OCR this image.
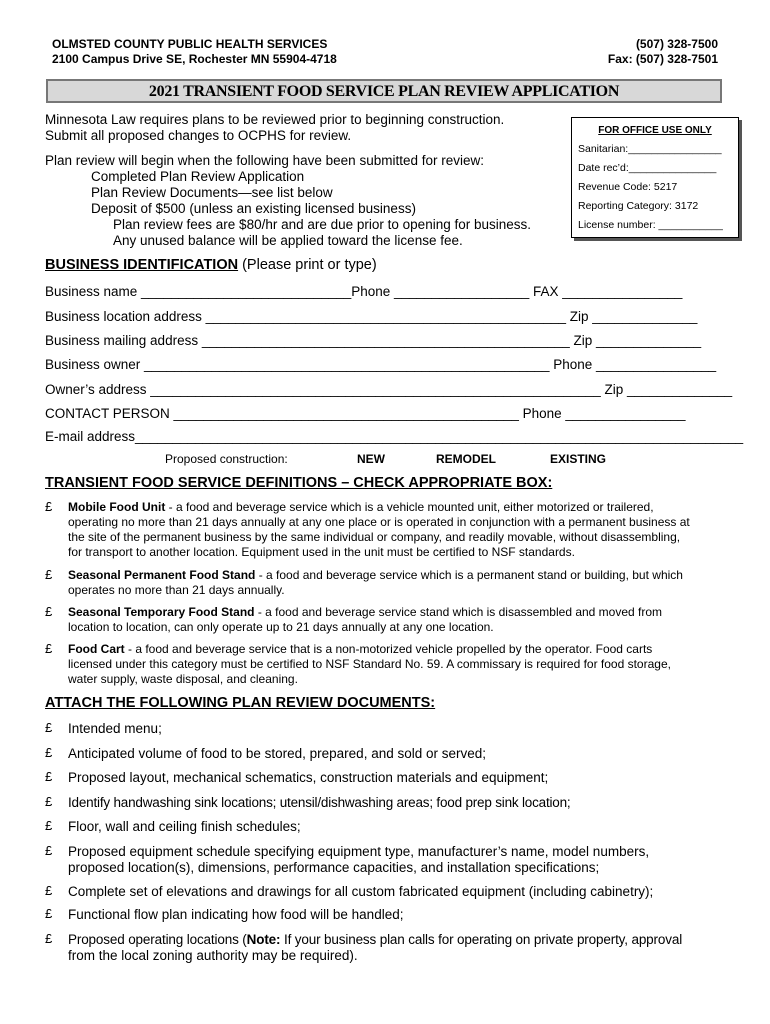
OLMSTED COUNTY PUBLIC HEALTH SERVICES
2100 Campus Drive SE, Rochester MN 55904-4718
(507) 328-7500
Fax: (507) 328-7501
2021 TRANSIENT FOOD SERVICE PLAN REVIEW APPLICATION
Minnesota Law requires plans to be reviewed prior to beginning construction.
Submit all proposed changes to OCPHS for review.
Plan review will begin when the following have been submitted for review:
Completed Plan Review Application
Plan Review Documents—see list below
Deposit of $500 (unless an existing licensed business)
Plan review fees are $80/hr and are due prior to opening for business.
Any unused balance will be applied toward the license fee.
FOR OFFICE USE ONLY
Sanitarian:________________
Date rec’d:_______________
Revenue Code: 5217
Reporting Category: 3172
License number: ___________
BUSINESS IDENTIFICATION (Please print or type)
Business name ____________________________Phone __________________ FAX ________________
Business location address ________________________________________________ Zip ______________
Business mailing address _________________________________________________ Zip ______________
Business owner ______________________________________________________ Phone ________________
Owner’s address ____________________________________________________________ Zip ______________
CONTACT PERSON ______________________________________________ Phone ________________
E-mail address_________________________________________________________________________________
Proposed construction:	NEW	REMODEL	EXISTING
TRANSIENT FOOD SERVICE DEFINITIONS – CHECK APPROPRIATE BOX:
£ Mobile Food Unit - a food and beverage service which is a vehicle mounted unit, either motorized or trailered,
operating no more than 21 days annually at any one place or is operated in conjunction with a permanent business at
the site of the permanent business by the same individual or company, and readily movable, without disassembling,
for transport to another location. Equipment used in the unit must be certified to NSF standards.
£ Seasonal Permanent Food Stand - a food and beverage service which is a permanent stand or building, but which
operates no more than 21 days annually.
£ Seasonal Temporary Food Stand - a food and beverage service stand which is disassembled and moved from
location to location, can only operate up to 21 days annually at any one location.
£ Food Cart - a food and beverage service that is a non-motorized vehicle propelled by the operator. Food carts
licensed under this category must be certified to NSF Standard No. 59. A commissary is required for food storage,
water supply, waste disposal, and cleaning.
ATTACH THE FOLLOWING PLAN REVIEW DOCUMENTS:
£ Intended menu;
£ Anticipated volume of food to be stored, prepared, and sold or served;
£ Proposed layout, mechanical schematics, construction materials and equipment;
£ Identify handwashing sink locations; utensil/dishwashing areas; food prep sink location;
£ Floor, wall and ceiling finish schedules;
£ Proposed equipment schedule specifying equipment type, manufacturer’s name, model numbers,
proposed location(s), dimensions, performance capacities, and installation specifications;
£ Complete set of elevations and drawings for all custom fabricated equipment (including cabinetry);
£ Functional flow plan indicating how food will be handled;
£ Proposed operating locations (Note: If your business plan calls for operating on private property, approval
from the local zoning authority may be required).
